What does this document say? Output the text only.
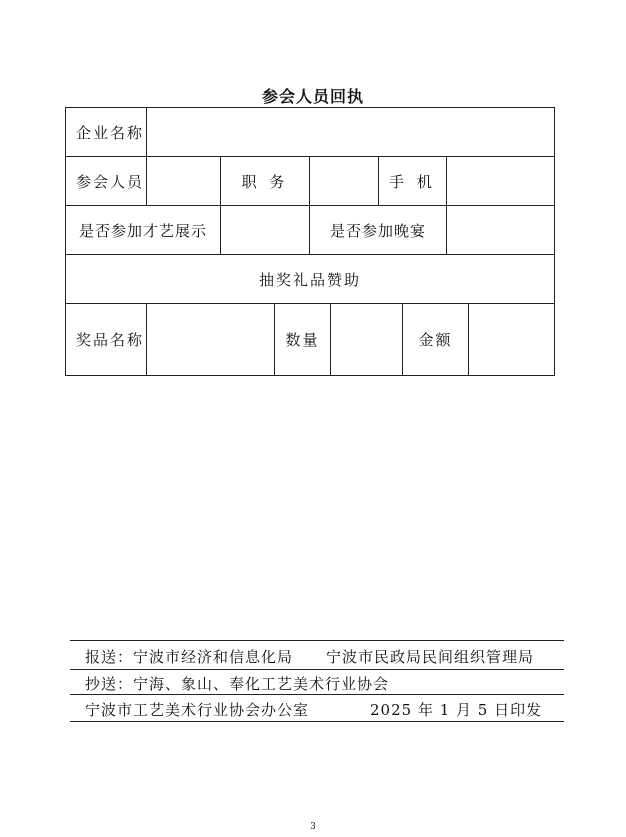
参会人员回执
企业名称
参会人员	职 务	手 机
是否参加才艺展示	是否参加晚宴
抽奖礼品赞助
奖品名称	数量	金额
报送：宁波市经济和信息化局 宁波市民政局民间组织管理局
抄送：宁海、象山、奉化工艺美术行业协会
宁波市工艺美术行业协会办公室	2025 年 1 月 5 日印发
3
